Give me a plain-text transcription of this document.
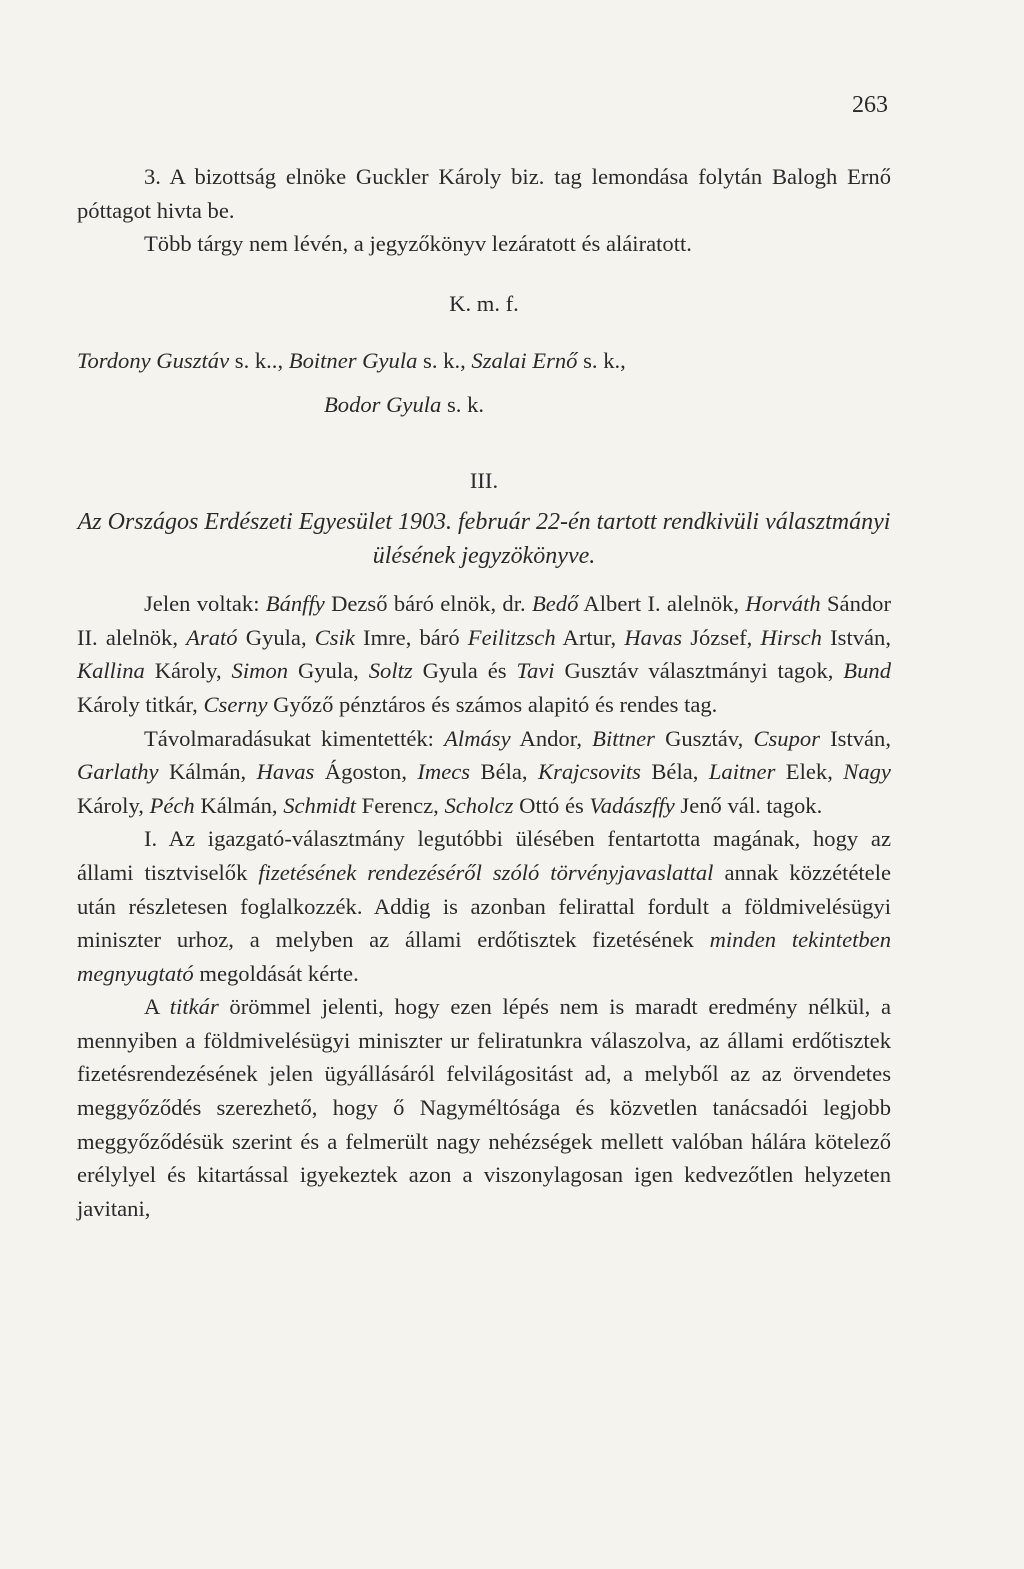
263

3. A bizottság elnöke Guckler Károly biz. tag lemondása folytán Balogh Ernő póttagot hivta be.

Több tárgy nem lévén, a jegyzőkönyv lezáratott és aláiratott.

K. m. f.

Tordony Gusztáv s. k.., Boitner Gyula s. k., Szalai Ernő s. k.,

Bodor Gyula s. k.

III.

Az Országos Erdészeti Egyesület 1903. február 22-én tartott rendkivüli választmányi ülésének jegyzökönyve.

Jelen voltak: Bánffy Dezső báró elnök, dr. Bedő Albert I. alelnök, Horváth Sándor II. alelnök, Arató Gyula, Csik Imre, báró Feilitzsch Artur, Havas József, Hirsch István, Kallina Károly, Simon Gyula, Soltz Gyula és Tavi Gusztáv választmányi tagok, Bund Károly titkár, Cserny Győző pénztáros és számos alapitó és rendes tag.

Távolmaradásukat kimentették: Almásy Andor, Bittner Gusztáv, Csupor István, Garlathy Kálmán, Havas Ágoston, Imecs Béla, Krajcsovits Béla, Laitner Elek, Nagy Károly, Péch Kálmán, Schmidt Ferencz, Scholcz Ottó és Vadászffy Jenő vál. tagok.

I. Az igazgató-választmány legutóbbi ülésében fentartotta magának, hogy az állami tisztviselők fizetésének rendezéséről szóló törvényjavaslattal annak közzététele után részletesen foglalkozzék. Addig is azonban felirattal fordult a földmivelésügyi miniszter urhoz, a melyben az állami erdőtisztek fizetésének minden tekintetben megnyugtató megoldását kérte.

A titkár örömmel jelenti, hogy ezen lépés nem is maradt eredmény nélkül, a mennyiben a földmivelésügyi miniszter ur feliratunkra válaszolva, az állami erdőtisztek fizetésrendezésének jelen ügyállásáról felvilágositást ad, a melyből az az örvendetes meggyőződés szerezhető, hogy ő Nagyméltósága és közvetlen tanácsadói legjobb meggyőződésük szerint és a felmerült nagy nehézségek mellett valóban hálára kötelező erélylyel és kitartással igyekeztek azon a viszonylagosan igen kedvezőtlen helyzeten javitani,
